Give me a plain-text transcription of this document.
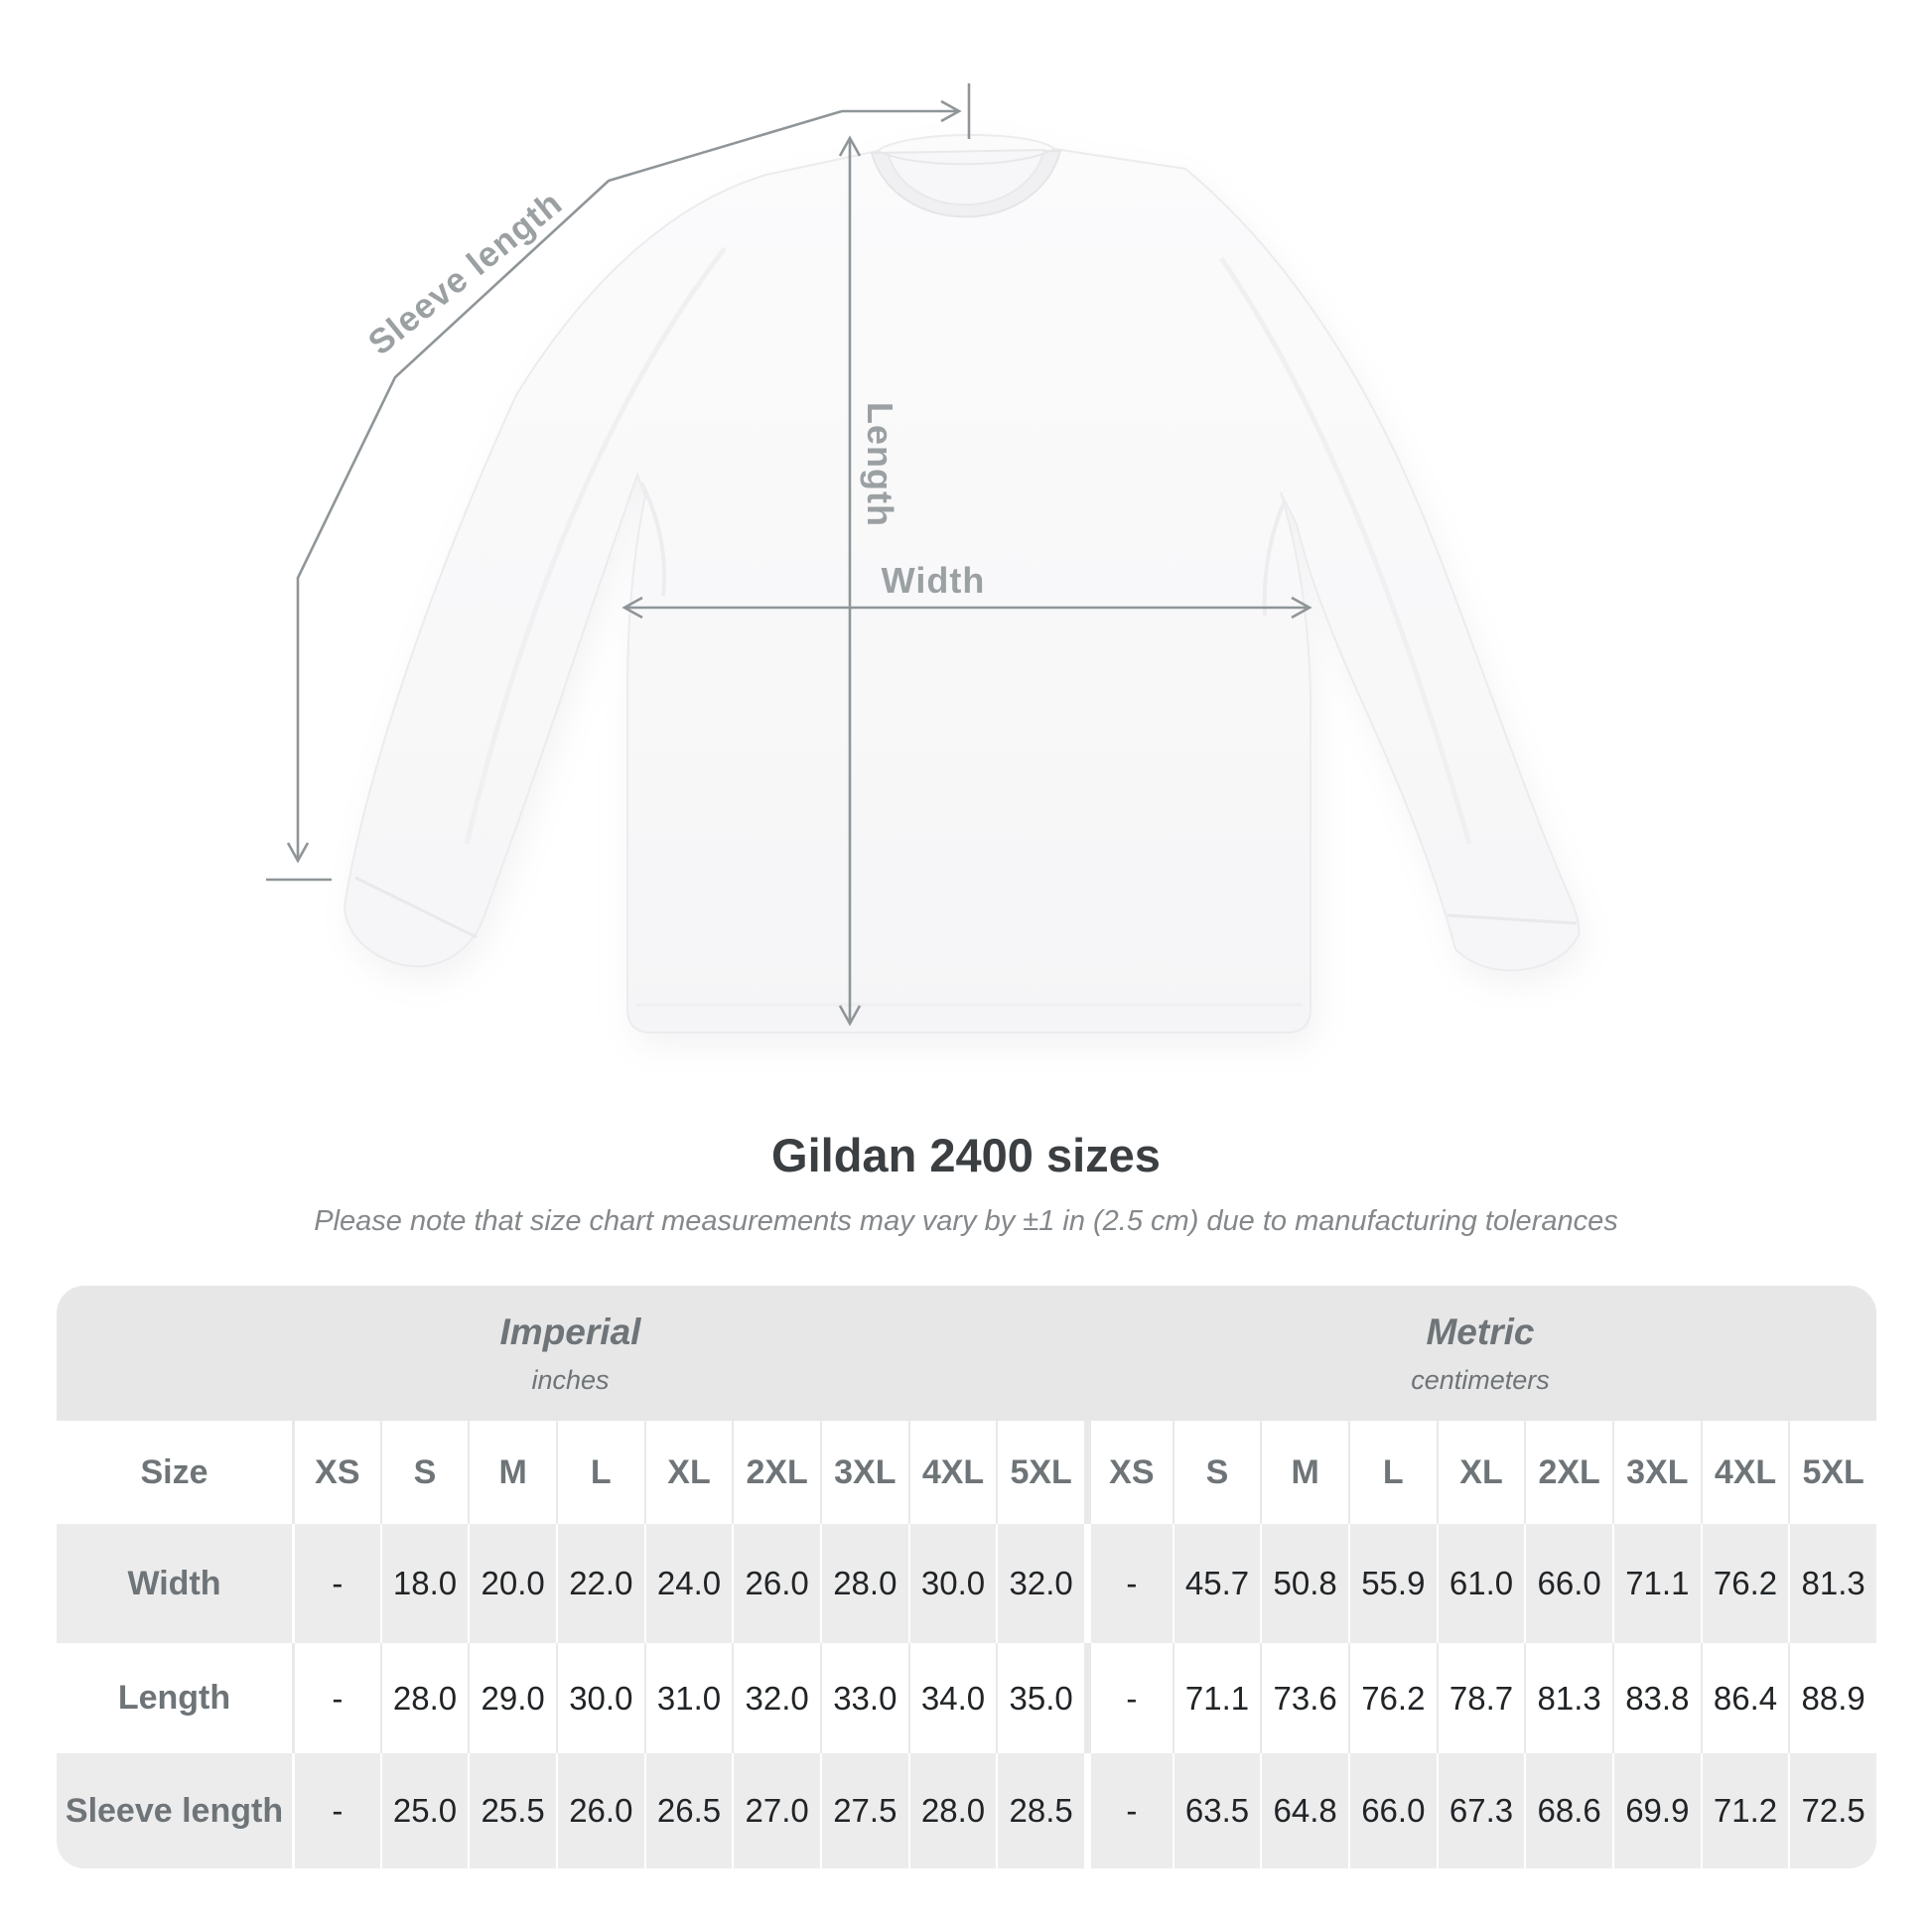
Sleeve length
Length
Width
Gildan 2400 sizes

Please note that size chart measurements may vary by ±1 in (2.5 cm) due to manufacturing tolerances

Imperial
inches
Metric
centimeters
Size	XS	S	M	L	XL	2XL 3XL 4XL 5XL	XS	S	M	L	XL	2XL 3XL 4XL 5XL
Width	-	18.0 20.0 22.0 24.0 26.0 28.0 30.0 32.0	-	45.7 50.8 55.9 61.0 66.0 71.1 76.2 81.3
Length	-	28.0 29.0 30.0 31.0 32.0 33.0 34.0 35.0	-	71.1 73.6 76.2 78.7 81.3 83.8 86.4 88.9
Sleeve length	-	25.0 25.5 26.0 26.5 27.0 27.5 28.0 28.5	-	63.5 64.8 66.0 67.3 68.6 69.9 71.2 72.5
